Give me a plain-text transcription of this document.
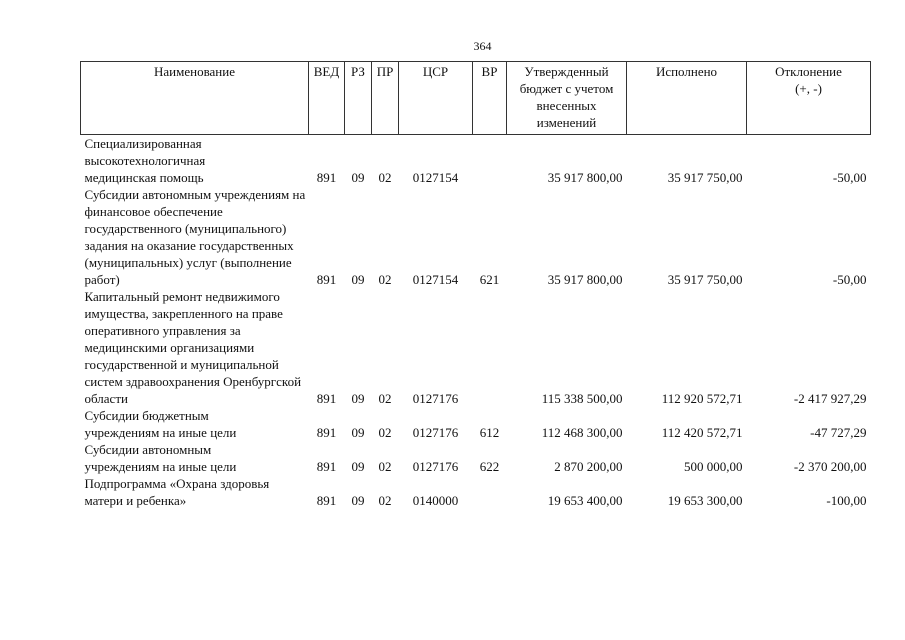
364
Наименование	ВЕД	РЗ	ПР	ЦСР	ВР	Утвержденный бюджет с учетом внесенных изменений	Исполнено	Отклонение (+, -)
Специализированная высокотехнологичная медицинская помощь	891	09	02	0127154		35 917 800,00	35 917 750,00	-50,00
Субсидии автономным учреждениям на финансовое обеспечение государственного (муниципального) задания на оказание государственных (муниципальных) услуг (выполнение работ)	891	09	02	0127154	621	35 917 800,00	35 917 750,00	-50,00
Капитальный ремонт недвижимого имущества, закрепленного на праве оперативного управления за медицинскими организациями государственной и муниципальной систем здравоохранения Оренбургской области	891	09	02	0127176		115 338 500,00	112 920 572,71	-2 417 927,29
Субсидии бюджетным учреждениям на иные цели	891	09	02	0127176	612	112 468 300,00	112 420 572,71	-47 727,29
Субсидии автономным учреждениям на иные цели	891	09	02	0127176	622	2 870 200,00	500 000,00	-2 370 200,00
Подпрограмма «Охрана здоровья матери и ребенка»	891	09	02	0140000		19 653 400,00	19 653 300,00	-100,00
